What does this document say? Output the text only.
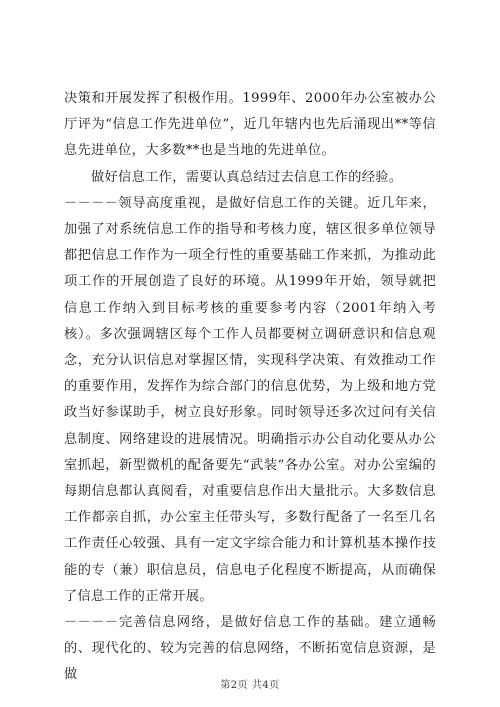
决策和开展发挥了积极作用。1999年、2000年办公室被办公厅评为“信息工作先进单位”，近几年辖内也先后涌现出**等信息先进单位，大多数**也是当地的先进单位。

做好信息工作，需要认真总结过去信息工作的经验。

－－－－领导高度重视，是做好信息工作的关键。近几年来，加强了对系统信息工作的指导和考核力度，辖区很多单位领导都把信息工作作为一项全行性的重要基础工作来抓，为推动此项工作的开展创造了良好的环境。从1999年开始，领导就把信息工作纳入到目标考核的重要参考内容（2001年纳入考核）。多次强调辖区每个工作人员都要树立调研意识和信息观念，充分认识信息对掌握区情，实现科学决策、有效推动工作的重要作用，发挥作为综合部门的信息优势，为上级和地方党政当好参谋助手，树立良好形象。同时领导还多次过问有关信息制度、网络建设的进展情况。明确指示办公自动化要从办公室抓起，新型微机的配备要先“武装”各办公室。对办公室编的每期信息都认真阅看，对重要信息作出大量批示。大多数信息工作都亲自抓，办公室主任带头写，多数行配备了一名至几名工作责任心较强、具有一定文字综合能力和计算机基本操作技能的专（兼）职信息员，信息电子化程度不断提高，从而确保了信息工作的正常开展。

－－－－完善信息网络，是做好信息工作的基础。建立通畅的、现代化的、较为完善的信息网络，不断拓宽信息资源，是做

第2页 共4页
